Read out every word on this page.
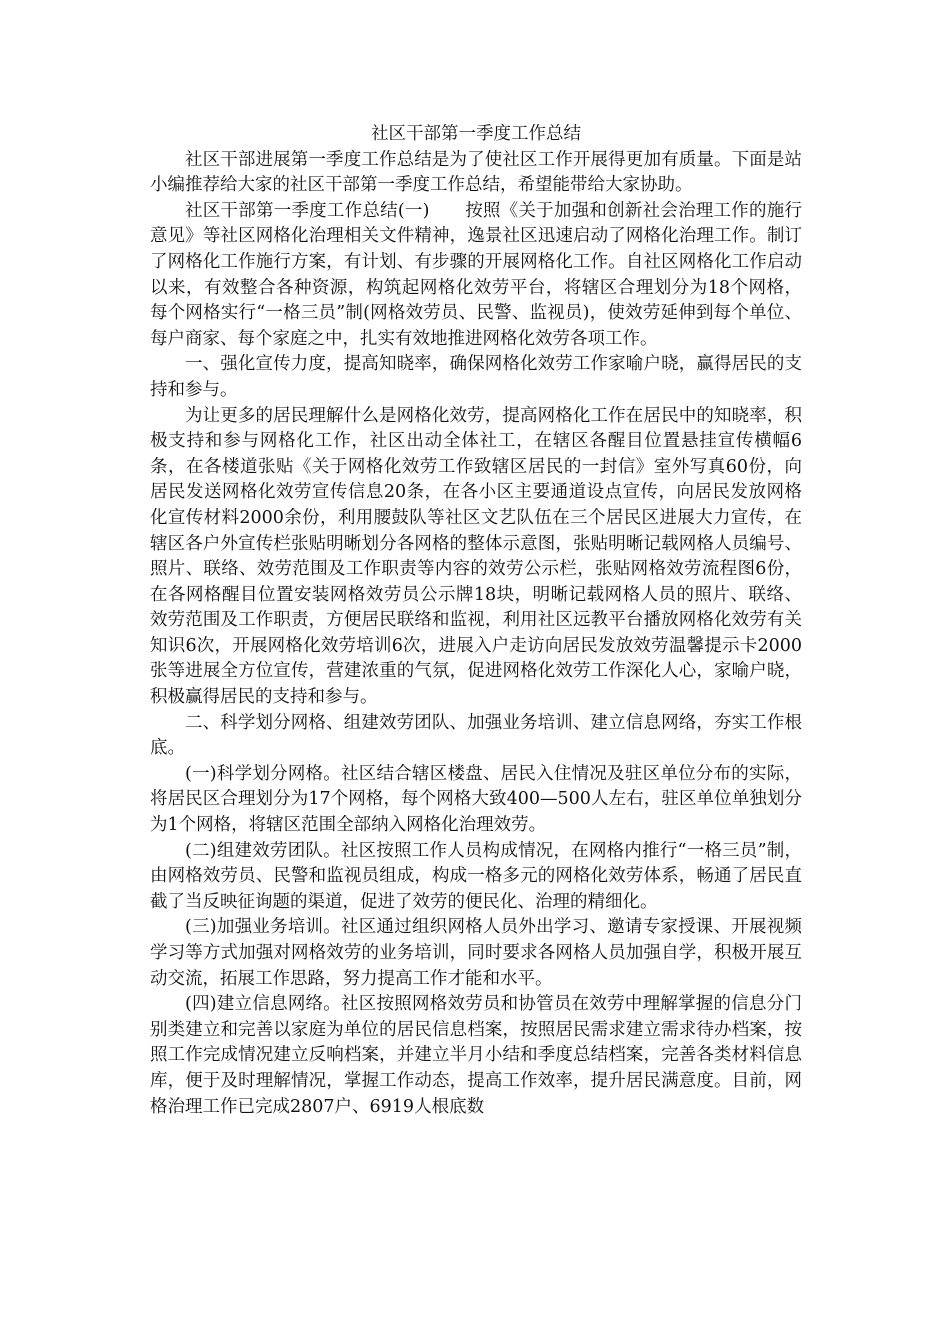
社区干部第一季度工作总结

社区干部进展第一季度工作总结是为了使社区工作开展得更加有质量。下面是站小编推荐给大家的社区干部第一季度工作总结，希望能带给大家协助。

社区干部第一季度工作总结(一)　　按照《关于加强和创新社会治理工作的施行意见》等社区网格化治理相关文件精神，逸景社区迅速启动了网格化治理工作。制订了网格化工作施行方案，有计划、有步骤的开展网格化工作。自社区网格化工作启动以来，有效整合各种资源，构筑起网格化效劳平台，将辖区合理划分为18个网格，每个网格实行“一格三员”制(网格效劳员、民警、监视员)，使效劳延伸到每个单位、每户商家、每个家庭之中，扎实有效地推进网格化效劳各项工作。

一、强化宣传力度，提高知晓率，确保网格化效劳工作家喻户晓，赢得居民的支持和参与。

为让更多的居民理解什么是网格化效劳，提高网格化工作在居民中的知晓率，积极支持和参与网格化工作，社区出动全体社工，在辖区各醒目位置悬挂宣传横幅6条，在各楼道张贴《关于网格化效劳工作致辖区居民的一封信》室外写真60份，向居民发送网格化效劳宣传信息20条，在各小区主要通道设点宣传，向居民发放网格化宣传材料2000余份，利用腰鼓队等社区文艺队伍在三个居民区进展大力宣传，在辖区各户外宣传栏张贴明晰划分各网格的整体示意图，张贴明晰记载网格人员编号、照片、联络、效劳范围及工作职责等内容的效劳公示栏，张贴网格效劳流程图6份，在各网格醒目位置安装网格效劳员公示牌18块，明晰记载网格人员的照片、联络、效劳范围及工作职责，方便居民联络和监视，利用社区远教平台播放网格化效劳有关知识6次，开展网格化效劳培训6次，进展入户走访向居民发放效劳温馨提示卡2000张等进展全方位宣传，营建浓重的气氛，促进网格化效劳工作深化人心，家喻户晓，积极赢得居民的支持和参与。

二、科学划分网格、组建效劳团队、加强业务培训、建立信息网络，夯实工作根底。

(一)科学划分网格。社区结合辖区楼盘、居民入住情况及驻区单位分布的实际，将居民区合理划分为17个网格，每个网格大致400—500人左右，驻区单位单独划分为1个网格，将辖区范围全部纳入网格化治理效劳。

(二)组建效劳团队。社区按照工作人员构成情况，在网格内推行“一格三员”制，由网格效劳员、民警和监视员组成，构成一格多元的网格化效劳体系，畅通了居民直截了当反映征询题的渠道，促进了效劳的便民化、治理的精细化。

(三)加强业务培训。社区通过组织网格人员外出学习、邀请专家授课、开展视频学习等方式加强对网格效劳的业务培训，同时要求各网格人员加强自学，积极开展互动交流，拓展工作思路，努力提高工作才能和水平。

(四)建立信息网络。社区按照网格效劳员和协管员在效劳中理解掌握的信息分门别类建立和完善以家庭为单位的居民信息档案，按照居民需求建立需求待办档案，按照工作完成情况建立反响档案，并建立半月小结和季度总结档案，完善各类材料信息库，便于及时理解情况，掌握工作动态，提高工作效率，提升居民满意度。目前，网格治理工作已完成2807户、6919人根底数
